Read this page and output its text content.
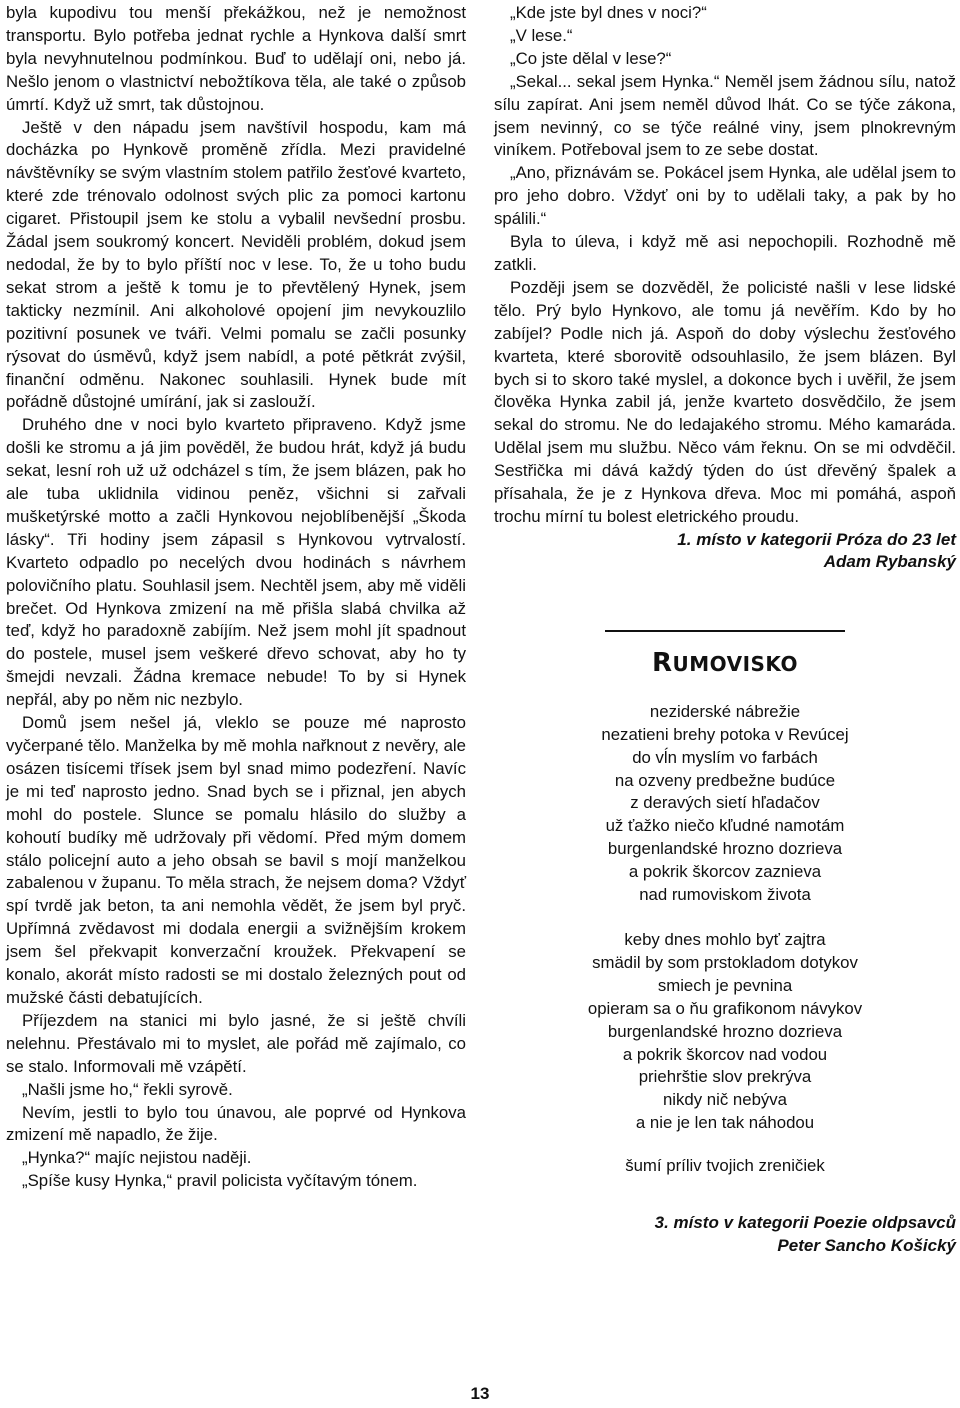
byla kupodivu tou menší překážkou, než je nemožnost transportu. Bylo potřeba jednat rychle a Hynkova další smrt byla nevyhnutelnou podmínkou. Buď to udělají oni, nebo já. Nešlo jenom o vlastnictví nebožtíkova těla, ale také o způsob úmrtí. Když už smrt, tak důstojnou.

Ještě v den nápadu jsem navštívil hospodu, kam má docházka po Hynkově proměně zřídla. Mezi pravidelné návštěvníky se svým vlastním stolem patřilo žesťové kvarteto, které zde trénovalo odolnost svých plic za pomoci kartonu cigaret. Přistoupil jsem ke stolu a vybalil nevšední prosbu. Žádal jsem soukromý koncert. Neviděli problém, dokud jsem nedodal, že by to bylo příští noc v lese. To, že u toho budu sekat strom a ještě k tomu je to převtělený Hynek, jsem takticky nezmínil. Ani alkoholové opojení jim nevykouzlilo pozitivní posunek ve tváři. Velmi pomalu se začli posunky rýsovat do úsměvů, když jsem nabídl, a poté pětkrát zvýšil, finanční odměnu. Nakonec souhlasili. Hynek bude mít pořádně důstojné umírání, jak si zaslouží.

Druhého dne v noci bylo kvarteto připraveno. Když jsme došli ke stromu a já jim pověděl, že budou hrát, když já budu sekat, lesní roh už už odcházel s tím, že jsem blázen, pak ho ale tuba uklidnila vidinou peněz, všichni si zařvali mušketýrské motto a začli Hynkovou nejoblíbenější „Škoda lásky“. Tři hodiny jsem zápasil s Hynkovou vytrvalostí. Kvarteto odpadlo po necelých dvou hodinách s návrhem polovičního platu. Souhlasil jsem. Nechtěl jsem, aby mě viděli brečet. Od Hynkova zmizení na mě přišla slabá chvilka až teď, když ho paradoxně zabíjím. Než jsem mohl jít spadnout do postele, musel jsem veškeré dřevo schovat, aby ho ty šmejdi nevzali. Žádna kremace nebude! To by si Hynek nepřál, aby po něm nic nezbylo.

Domů jsem nešel já, vleklo se pouze mé naprosto vyčerpané tělo. Manželka by mě mohla nařknout z nevěry, ale osázen tisícemi třísek jsem byl snad mimo podezření. Navíc je mi teď naprosto jedno. Snad bych se i přiznal, jen abych mohl do postele. Slunce se pomalu hlásilo do služby a kohoutí budíky mě udržovaly při vědomí. Před mým domem stálo policejní auto a jeho obsah se bavil s mojí manželkou zabalenou v županu. To měla strach, že nejsem doma? Vždyť spí tvrdě jak beton, ta ani nemohla vědět, že jsem byl pryč. Upřímná zvědavost mi dodala energii a svižnějším krokem jsem šel překvapit konverzační kroužek. Překvapení se konalo, akorát místo radosti se mi dostalo železných pout od mužské části debatujících.

Příjezdem na stanici mi bylo jasné, že si ještě chvíli nelehnu. Přestávalo mi to myslet, ale pořád mě zajímalo, co se stalo. Informovali mě vzápětí.

„Našli jsme ho,“ řekli syrově.

Nevím, jestli to bylo tou únavou, ale poprvé od Hynkova zmizení mě napadlo, že žije.

„Hynka?“ majíc nejistou naději.

„Spíše kusy Hynka,“ pravil policista vyčítavým tónem.

„Kde jste byl dnes v noci?“

„V lese.“

„Co jste dělal v lese?“

„Sekal... sekal jsem Hynka.“ Neměl jsem žádnou sílu, natož sílu zapírat. Ani jsem neměl důvod lhát. Co se týče zákona, jsem nevinný, co se týče reálné viny, jsem plnokrevným viníkem. Potřeboval jsem to ze sebe dostat.

„Ano, přiznávám se. Pokácel jsem Hynka, ale udělal jsem to pro jeho dobro. Vždyť oni by to udělali taky, a pak by ho spálili.“

Byla to úleva, i když mě asi nepochopili. Rozhodně mě zatkli.

Později jsem se dozvěděl, že policisté našli v lese lidské tělo. Prý bylo Hynkovo, ale tomu já nevěřím. Kdo by ho zabíjel? Podle nich já. Aspoň do doby výslechu žesťového kvarteta, které sborovitě odsouhlasilo, že jsem blázen. Byl bych si to skoro také myslel, a dokonce bych i uvěřil, že jsem člověka Hynka zabil já, jenže kvarteto dosvědčilo, že jsem sekal do stromu. Ne do ledajakého stromu. Mého kamaráda. Udělal jsem mu službu. Něco vám řeknu. On se mi odvděčil. Sestřička mi dává každý týden do úst dřevěný špalek a přísahala, že je z Hynkova dřeva. Moc mi pomáhá, aspoň trochu mírní tu bolest eletrického proudu.

1. místo v kategorii Próza do 23 let
Adam Rybanský
RUMOVISKO
neziderské nábrežie
nezatieni brehy potoka v Revúcej
do vĺn myslím vo farbách
na ozveny predbežne budúce
z deravých sietí hľadačov
už ťažko niečo kľudné namotám
burgenlandské hrozno dozrieva
a pokrik škorcov zaznieva
nad rumoviskom života
keby dnes mohlo byť zajtra
smädil by som prstokladom dotykov
smiech je pevnina
opieram sa o ňu grafikonom návykov
burgenlandské hrozno dozrieva
a pokrik škorcov nad vodou
priehrštie slov prekrýva
nikdy nič nebýva
a nie je len tak náhodou
šumí príliv tvojich zreničiek
3. místo v kategorii Poezie oldpsavců
Peter Sancho Košický
13
